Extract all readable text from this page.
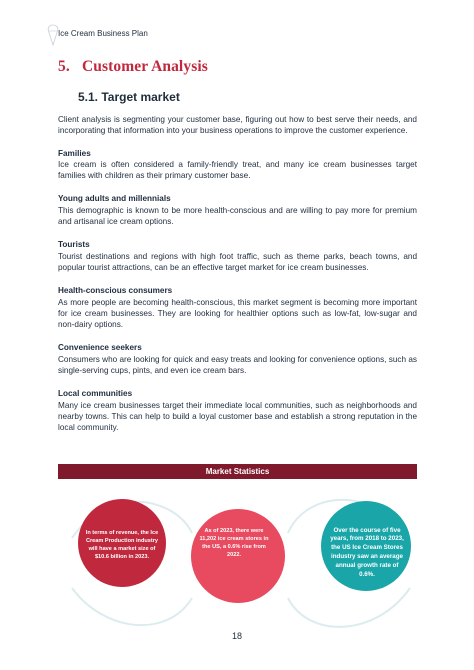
Ice Cream Business Plan
5. Customer Analysis
5.1. Target market

Client analysis is segmenting your customer base, figuring out how to best serve their needs, and incorporating that information into your business operations to improve the customer experience.

Families

Ice cream is often considered a family-friendly treat, and many ice cream businesses target families with children as their primary customer base.

Young adults and millennials

This demographic is known to be more health-conscious and are willing to pay more for premium and artisanal ice cream options.

Tourists

Tourist destinations and regions with high foot traffic, such as theme parks, beach towns, and popular tourist attractions, can be an effective target market for ice cream businesses.

Health-conscious consumers

As more people are becoming health-conscious, this market segment is becoming more important for ice cream businesses. They are looking for healthier options such as low-fat, low-sugar and non-dairy options.

Convenience seekers

Consumers who are looking for quick and easy treats and looking for convenience options, such as single-serving cups, pints, and even ice cream bars.

Local communities

Many ice cream businesses target their immediate local communities, such as neighborhoods and nearby towns. This can help to build a loyal customer base and establish a strong reputation in the local community.

Market Statistics
In terms of revenue, the Ice Cream Production industry will have a market size of $10.6 billion in 2023.
As of 2023, there were 11,202 ice cream stores in the US, a 0.6% rise from 2022.
Over the course of five years, from 2018 to 2023, the US Ice Cream Stores industry saw an average annual growth rate of 0.6%.
18
